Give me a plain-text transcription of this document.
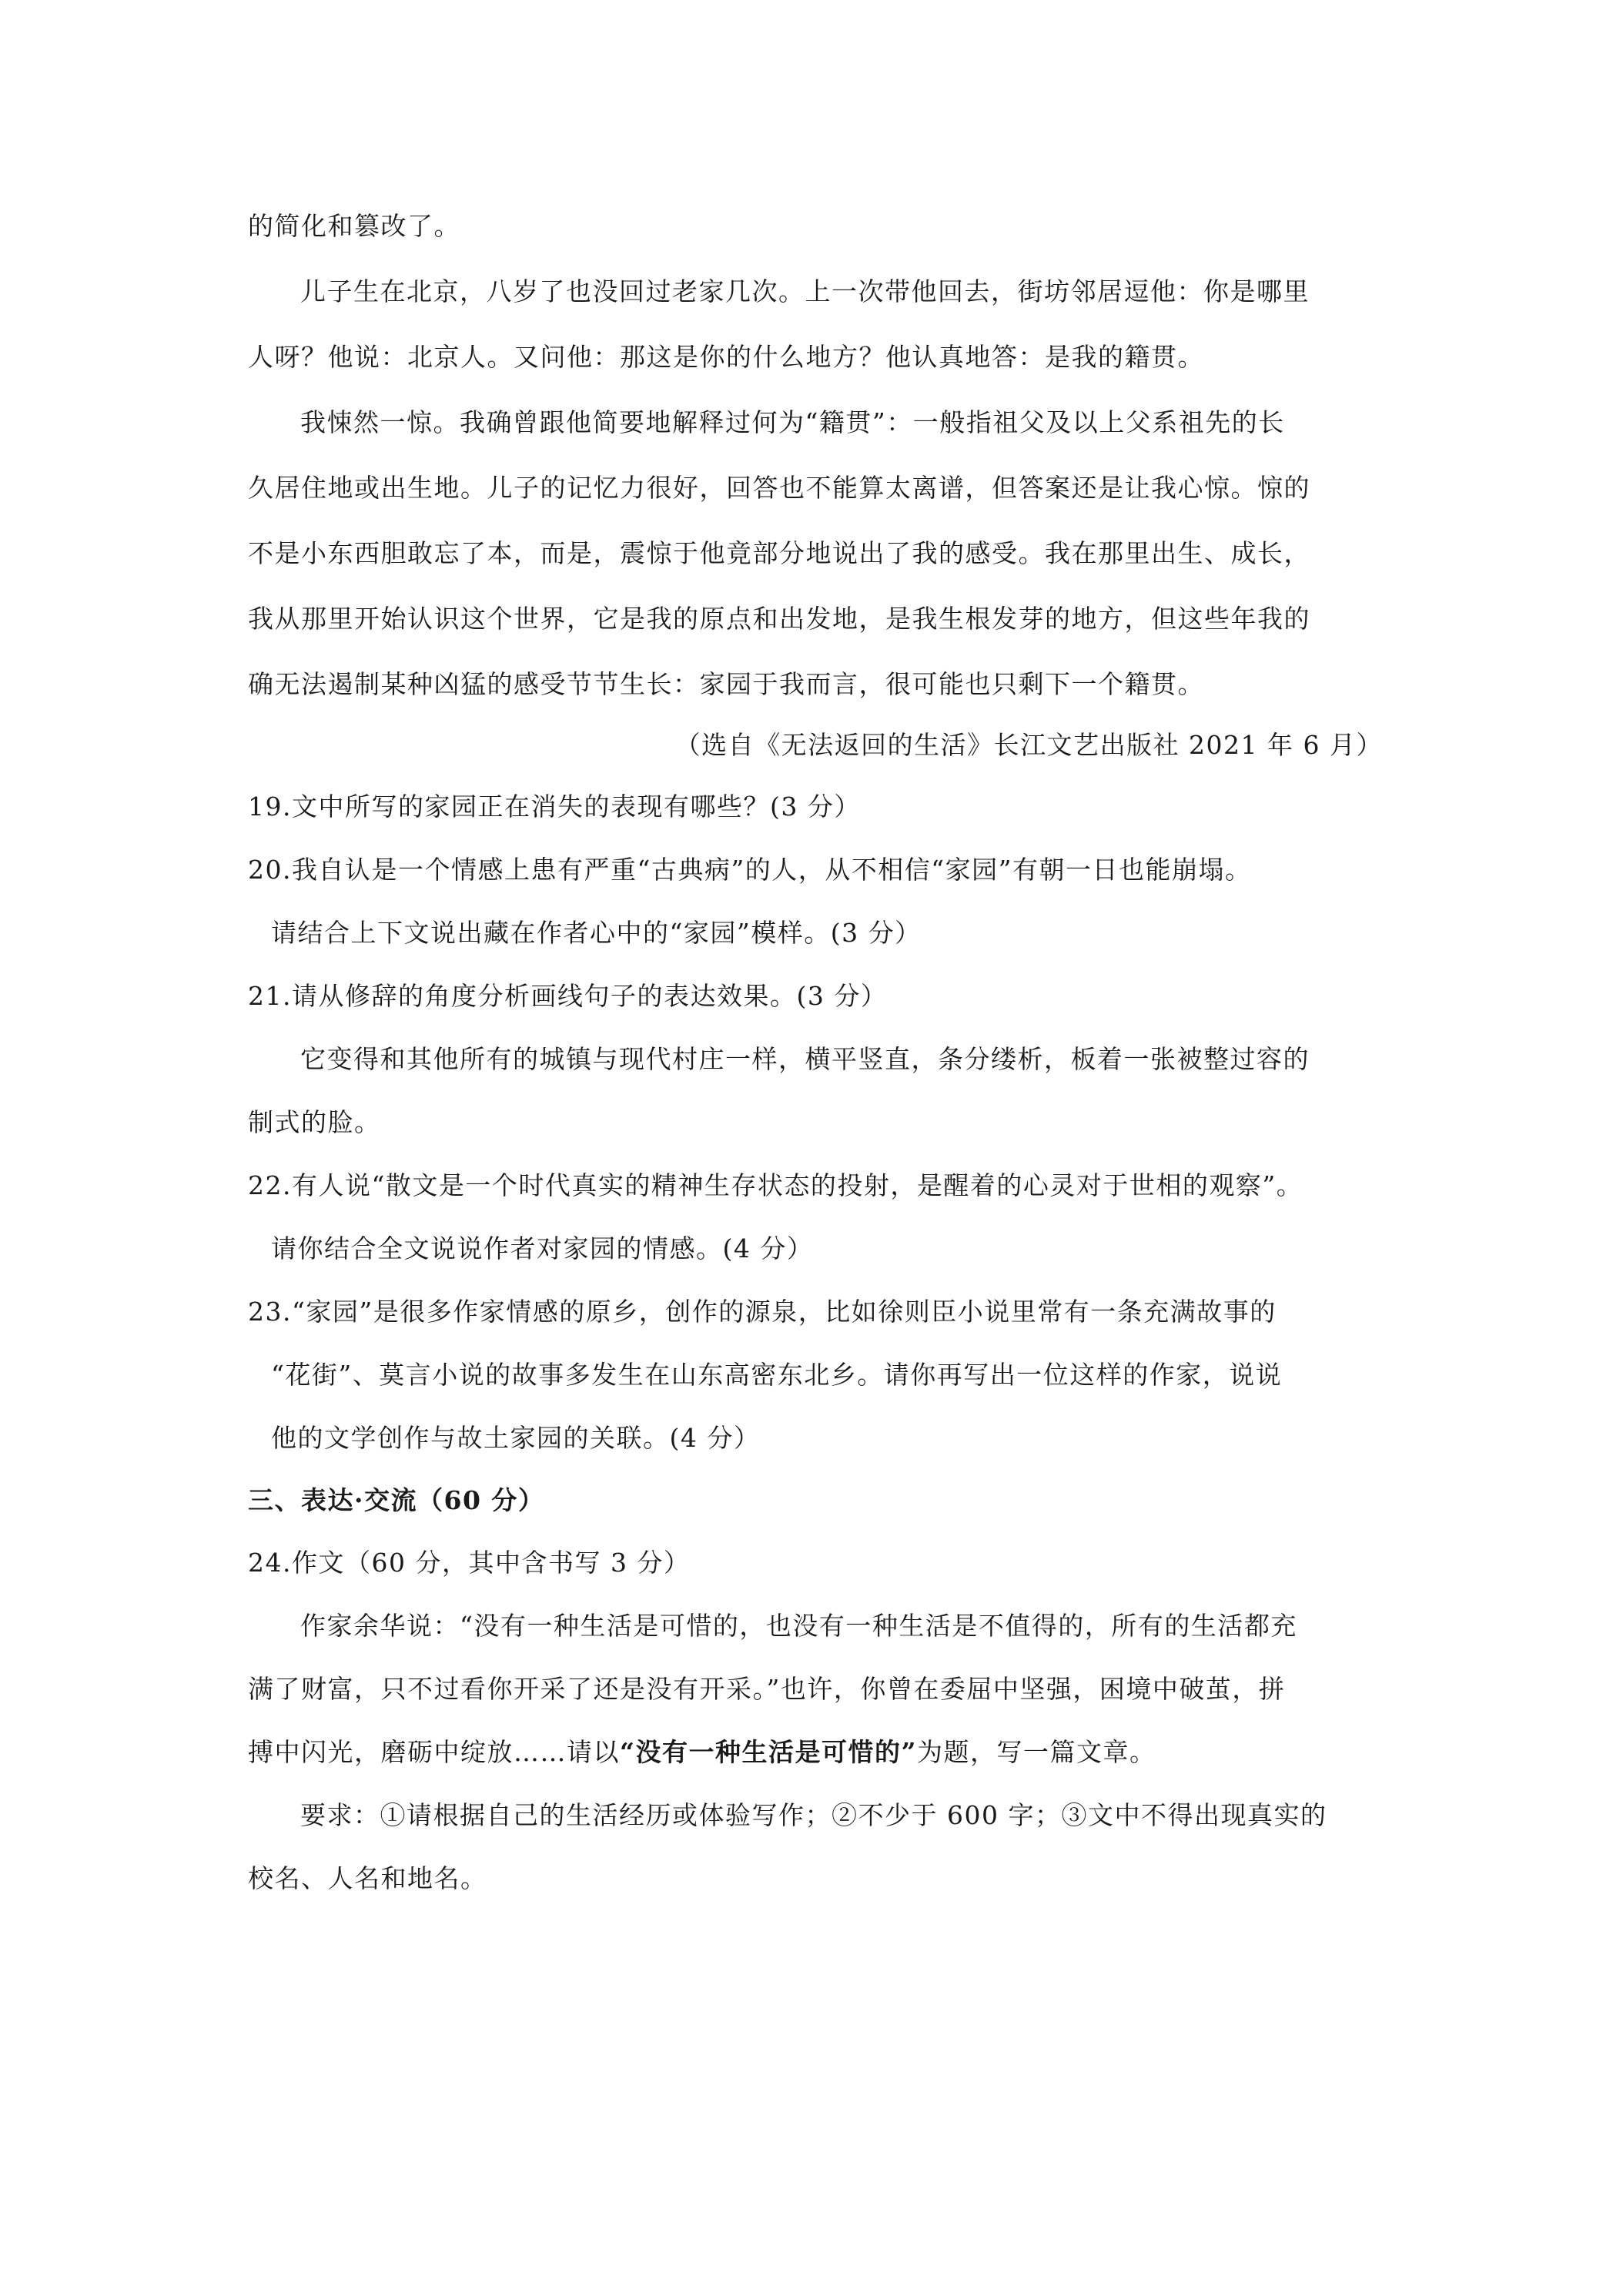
的简化和篡改了。
儿子生在北京，八岁了也没回过老家几次。上一次带他回去，街坊邻居逗他：你是哪里
人呀？他说：北京人。又问他：那这是你的什么地方？他认真地答：是我的籍贯。
我悚然一惊。我确曾跟他简要地解释过何为“籍贯”：一般指祖父及以上父系祖先的长
久居住地或出生地。儿子的记忆力很好，回答也不能算太离谱，但答案还是让我心惊。惊的
不是小东西胆敢忘了本，而是，震惊于他竟部分地说出了我的感受。我在那里出生、成长，
我从那里开始认识这个世界，它是我的原点和出发地，是我生根发芽的地方，但这些年我的
确无法遏制某种凶猛的感受节节生长：家园于我而言，很可能也只剩下一个籍贯。
（选自《无法返回的生活》长江文艺出版社 2021 年 6 月）
19.文中所写的家园正在消失的表现有哪些？(3 分）
20.我自认是一个情感上患有严重“古典病”的人，从不相信“家园”有朝一日也能崩塌。
请结合上下文说出藏在作者心中的“家园”模样。(3 分）
21.请从修辞的角度分析画线句子的表达效果。(3 分）
它变得和其他所有的城镇与现代村庄一样，横平竖直，条分缕析，板着一张被整过容的
制式的脸。
22.有人说“散文是一个时代真实的精神生存状态的投射，是醒着的心灵对于世相的观察”。
请你结合全文说说作者对家园的情感。(4 分）
23.“家园”是很多作家情感的原乡，创作的源泉，比如徐则臣小说里常有一条充满故事的
“花街”、莫言小说的故事多发生在山东高密东北乡。请你再写出一位这样的作家，说说
他的文学创作与故土家园的关联。(4 分）
三、表达·交流（60 分）
24.作文（60 分，其中含书写 3 分）
作家余华说：“没有一种生活是可惜的，也没有一种生活是不值得的，所有的生活都充
满了财富，只不过看你开采了还是没有开采。”也许，你曾在委屈中坚强，困境中破茧，拼
搏中闪光，磨砺中绽放……请以“没有一种生活是可惜的”为题，写一篇文章。
要求：①请根据自己的生活经历或体验写作；②不少于 600 字；③文中不得出现真实的
校名、人名和地名。
